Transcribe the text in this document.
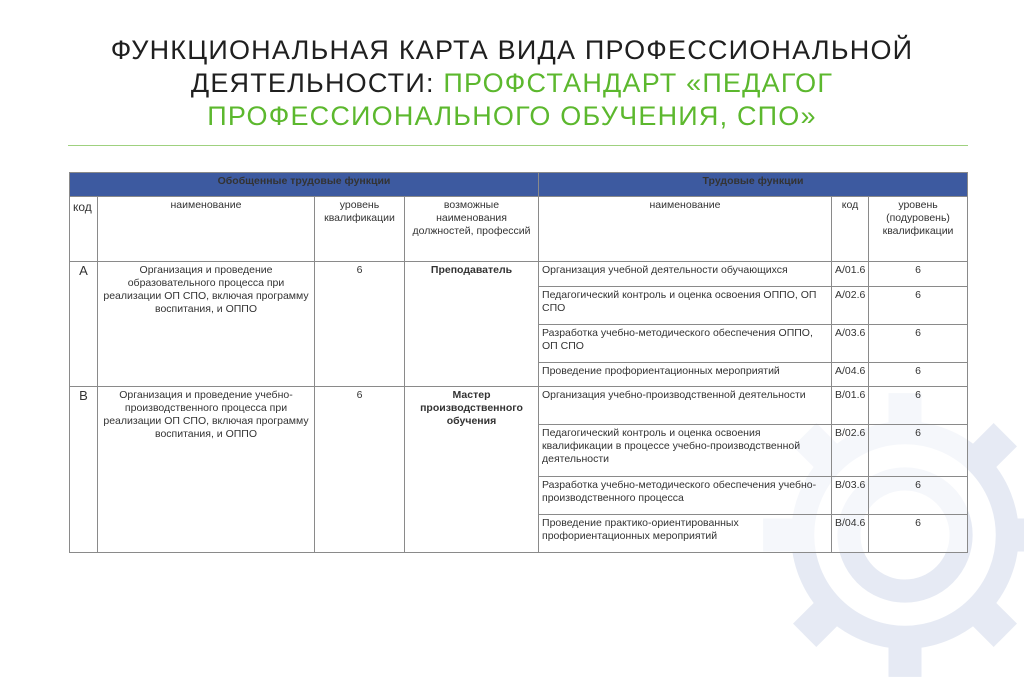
ФУНКЦИОНАЛЬНАЯ КАРТА ВИДА ПРОФЕССИОНАЛЬНОЙ
ДЕЯТЕЛЬНОСТИ: ПРОФСТАНДАРТ «ПЕДАГОГ
ПРОФЕССИОНАЛЬНОГО ОБУЧЕНИЯ, СПО»
Обобщенные трудовые функции				Трудовые функции		
код	наименование	уровень квалификации	возможные наименования должностей, профессий	наименование	код	уровень (подуровень) квалификации
A	Организация и проведение образовательного процесса при реализации ОП СПО, включая программу воспитания, и ОППО	6	Преподаватель	Организация учебной деятельности обучающихся	A/01.6	6
				Педагогический контроль и оценка освоения ОППО, ОП СПО	A/02.6	6
				Разработка учебно-методического обеспечения ОППО, ОП СПО	A/03.6	6
				Проведение профориентационных мероприятий	A/04.6	6
B	Организация и проведение учебно-производственного процесса при реализации ОП СПО, включая программу воспитания, и ОППО	6	Мастер производственного обучения	Организация учебно-производственной деятельности	B/01.6	6
				Педагогический контроль и оценка освоения квалификации в процессе учебно-производственной деятельности	B/02.6	6
				Разработка учебно-методического обеспечения учебно-производственного процесса	B/03.6	6
				Проведение практико-ориентированных профориентационных мероприятий	B/04.6	6
